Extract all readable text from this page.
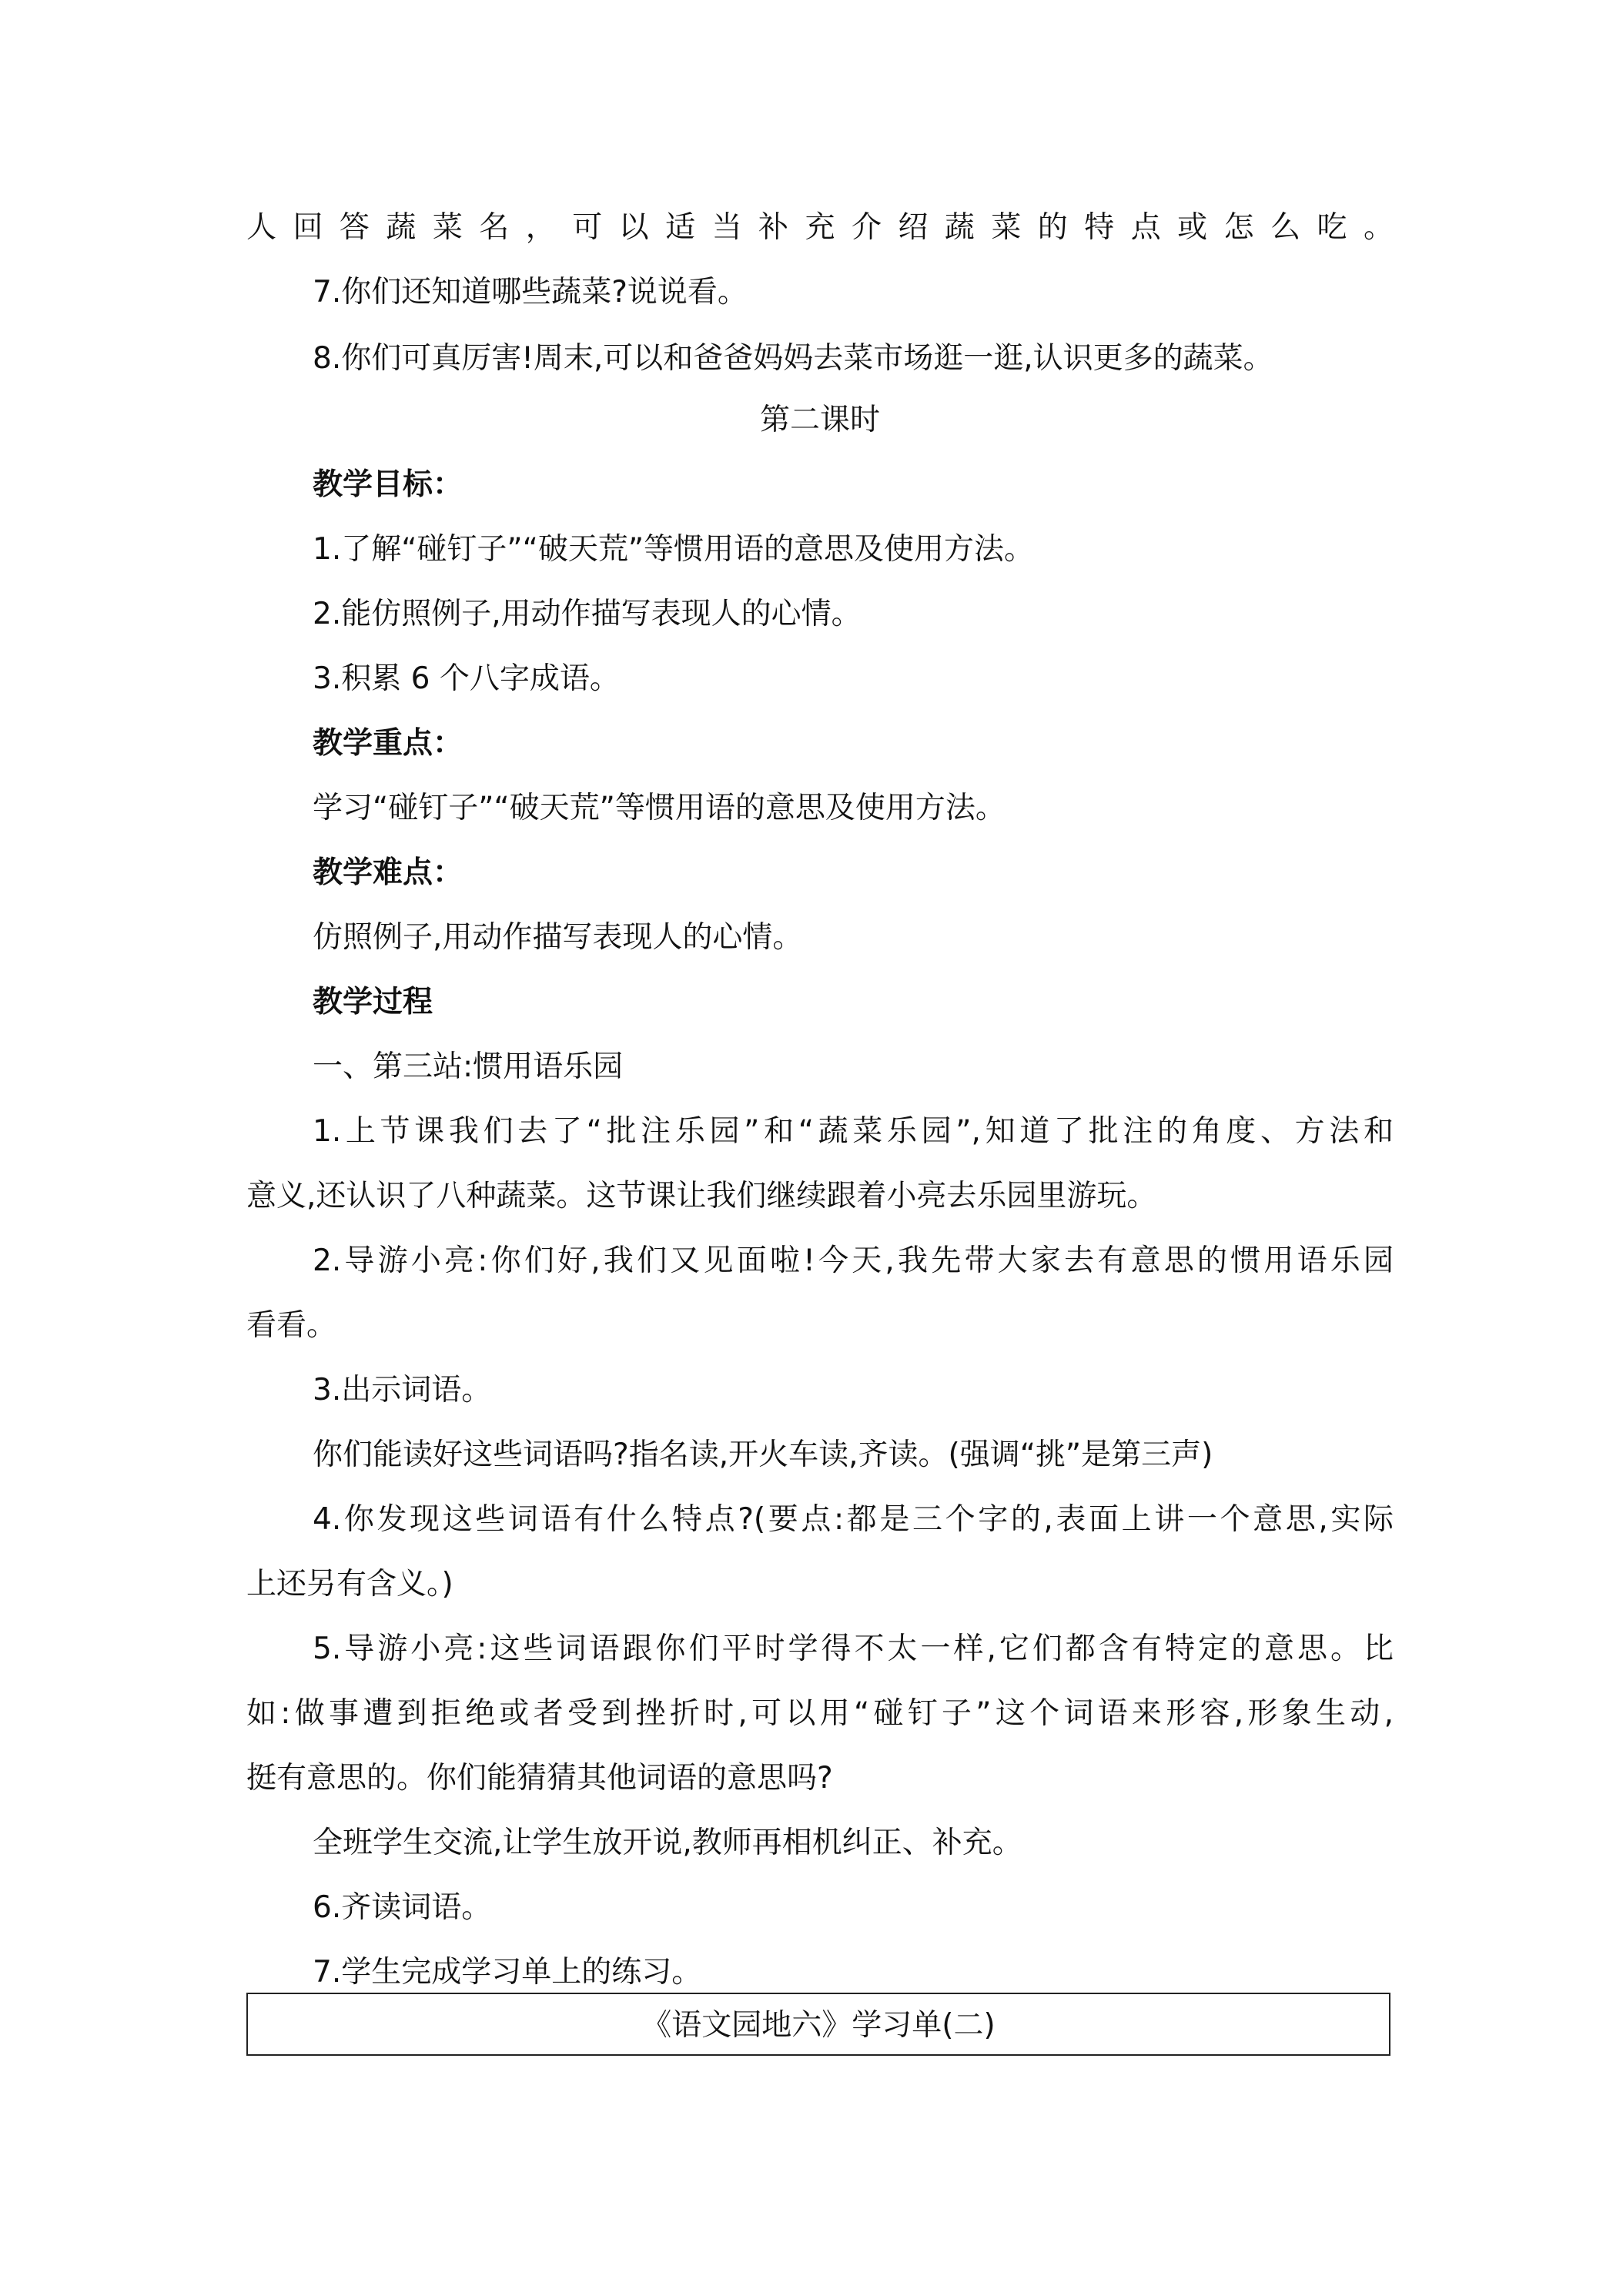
人回答蔬菜名，可以适当补充介绍蔬菜的特点或怎么吃。
7.你们还知道哪些蔬菜?说说看。
8.你们可真厉害!周末,可以和爸爸妈妈去菜市场逛一逛,认识更多的蔬菜。
第二课时
教学目标：
1.了解“碰钉子”“破天荒”等惯用语的意思及使用方法。
2.能仿照例子,用动作描写表现人的心情。
3.积累 6 个八字成语。
教学重点：
学习“碰钉子”“破天荒”等惯用语的意思及使用方法。
教学难点：
仿照例子,用动作描写表现人的心情。
教学过程
一、第三站:惯用语乐园
1.上节课我们去了“批注乐园”和“蔬菜乐园”,知道了批注的角度、方法和
意义,还认识了八种蔬菜。这节课让我们继续跟着小亮去乐园里游玩。
2.导游小亮:你们好,我们又见面啦!今天,我先带大家去有意思的惯用语乐园
看看。
3.出示词语。
你们能读好这些词语吗?指名读,开火车读,齐读。(强调“挑”是第三声)
4.你发现这些词语有什么特点?(要点:都是三个字的,表面上讲一个意思,实际
上还另有含义。)
5.导游小亮:这些词语跟你们平时学得不太一样,它们都含有特定的意思。比
如:做事遭到拒绝或者受到挫折时,可以用“碰钉子”这个词语来形容,形象生动,
挺有意思的。你们能猜猜其他词语的意思吗?
全班学生交流,让学生放开说,教师再相机纠正、补充。
6.齐读词语。
7.学生完成学习单上的练习。
《语文园地六》学习单(二)
